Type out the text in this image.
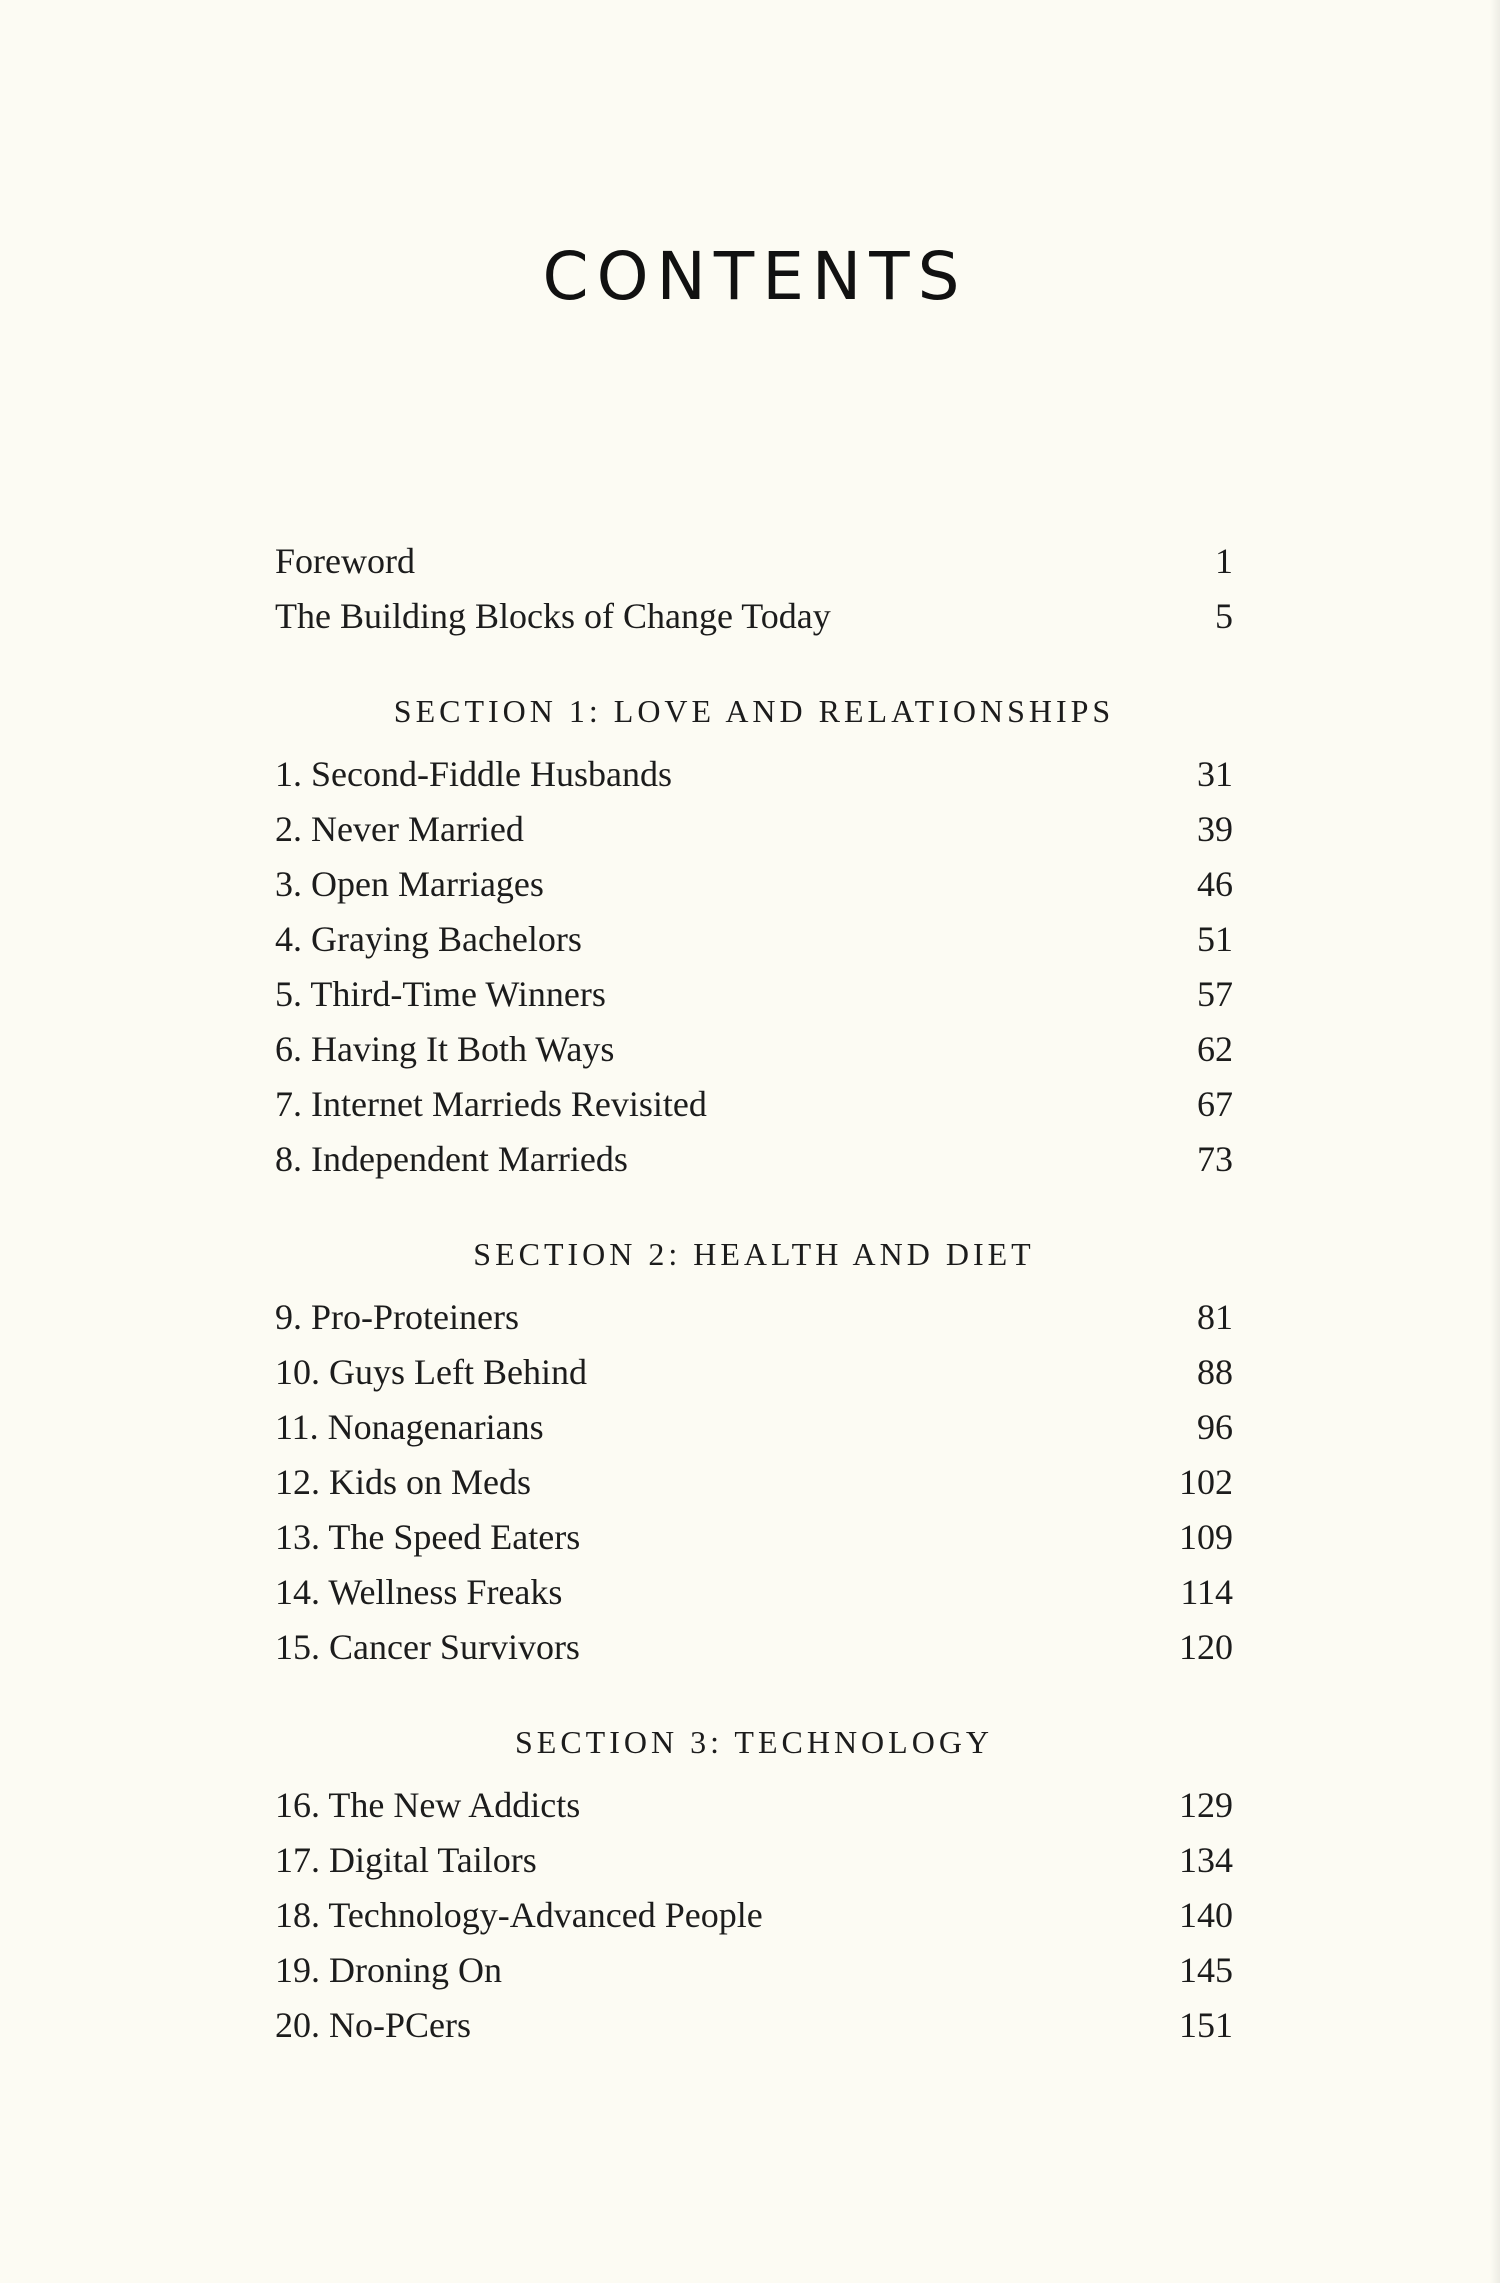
CONTENTS
Foreword	1
The Building Blocks of Change Today	5
SECTION 1: LOVE AND RELATIONSHIPS
1. Second-Fiddle Husbands	31
2. Never Married	39
3. Open Marriages	46
4. Graying Bachelors	51
5. Third-Time Winners	57
6. Having It Both Ways	62
7. Internet Marrieds Revisited	67
8. Independent Marrieds	73
SECTION 2: HEALTH AND DIET
9. Pro-Proteiners	81
10. Guys Left Behind	88
11. Nonagenarians	96
12. Kids on Meds	102
13. The Speed Eaters	109
14. Wellness Freaks	114
15. Cancer Survivors	120
SECTION 3: TECHNOLOGY
16. The New Addicts	129
17. Digital Tailors	134
18. Technology-Advanced People	140
19. Droning On	145
20. No-PCers	151
